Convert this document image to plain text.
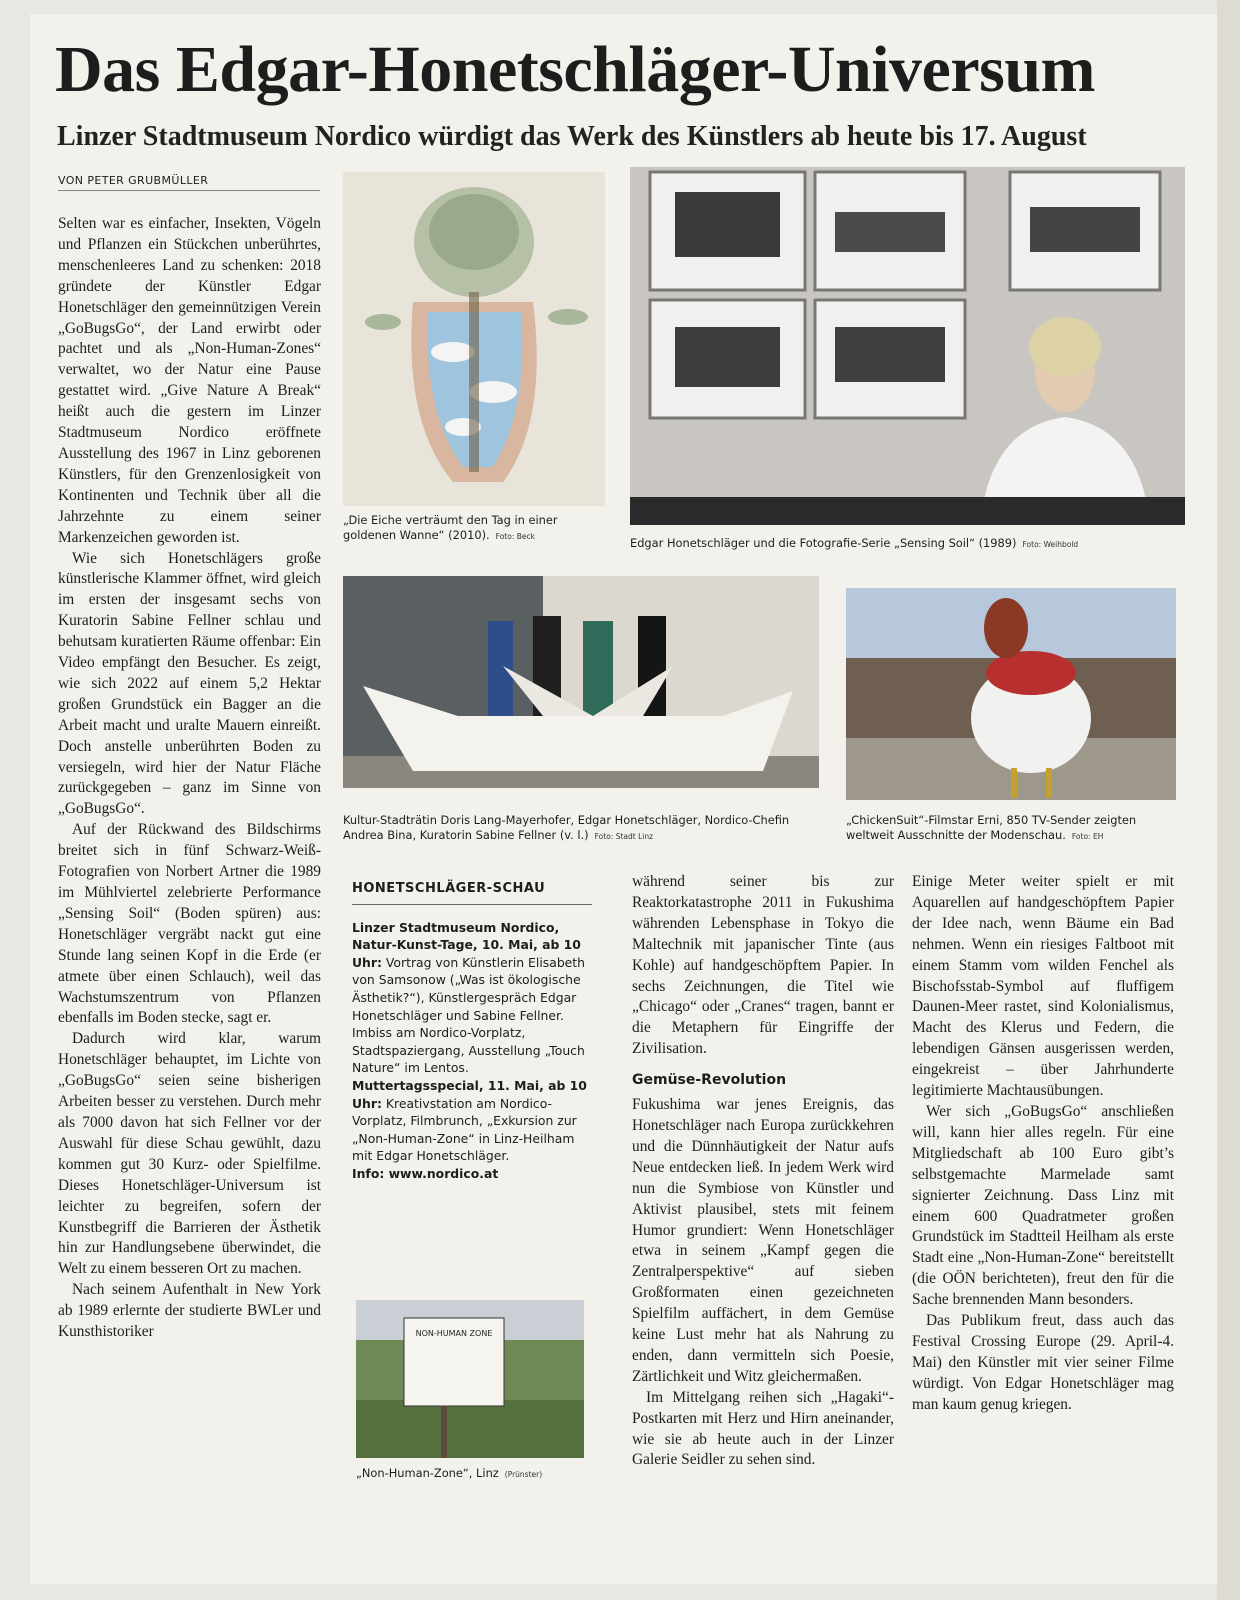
Das Edgar-Honetschläger-Universum
Linzer Stadtmuseum Nordico würdigt das Werk des Künstlers ab heute bis 17. August
VON PETER GRUBMÜLLER
„Die Eiche verträumt den Tag in einer goldenen Wanne“ (2010). Foto: Beck	Edgar Honetschläger und die Fotografie-Serie „Sensing Soil“ (1989) Foto: Weihbold
Kultur-Stadträtin Doris Lang-Mayerhofer, Edgar Honetschläger, Nordico-Chefin Andrea Bina, Kuratorin Sabine Fellner (v. l.) Foto: Stadt Linz
„ChickenSuit“-Filmstar Erni, 850 TV-Sender zeigten weltweit Ausschnitte der Modenschau. Foto: EH

Selten war es einfacher, Insekten, Vögeln und Pflanzen ein Stückchen unberührtes, menschenleeres Land zu schenken: 2018 gründete der Künstler Edgar Honetschläger den gemeinnützigen Verein „GoBugsGo“, der Land erwirbt oder pachtet und als „Non-Human-Zones“ verwaltet, wo der Natur eine Pause gestattet wird. „Give Nature A Break“ heißt auch die gestern im Linzer Stadtmuseum Nordico eröffnete Ausstellung des 1967 in Linz geborenen Künstlers, für den Grenzenlosigkeit von Kontinenten und Technik über all die Jahrzehnte zu einem seiner Markenzeichen geworden ist.

Wie sich Honetschlägers große künstlerische Klammer öffnet, wird gleich im ersten der insgesamt sechs von Kuratorin Sabine Fellner schlau und behutsam kuratierten Räume offenbar: Ein Video empfängt den Besucher. Es zeigt, wie sich 2022 auf einem 5,2 Hektar großen Grundstück ein Bagger an die Arbeit macht und uralte Mauern einreißt. Doch anstelle unberührten Boden zu versiegeln, wird hier der Natur Fläche zurückgegeben – ganz im Sinne von „GoBugsGo“.

Auf der Rückwand des Bildschirms breitet sich in fünf Schwarz-Weiß-Fotografien von Norbert Artner die 1989 im Mühlviertel zelebrierte Performance „Sensing Soil“ (Boden spüren) aus: Honetschläger vergräbt nackt gut eine Stunde lang seinen Kopf in die Erde (er atmete über einen Schlauch), weil das Wachstumszentrum von Pflanzen ebenfalls im Boden stecke, sagt er.

Dadurch wird klar, warum Honetschläger behauptet, im Lichte von „GoBugsGo“ seien seine bisherigen Arbeiten besser zu verstehen. Durch mehr als 7000 davon hat sich Fellner vor der Auswahl für diese Schau gewühlt, dazu kommen gut 30 Kurz- oder Spielfilme. Dieses Honetschläger-Universum ist leichter zu begreifen, sofern der Kunstbegriff die Barrieren der Ästhetik hin zur Handlungsebene überwindet, die Welt zu einem besseren Ort zu machen.

Nach seinem Aufenthalt in New York ab 1989 erlernte der studierte BWLer und Kunsthistoriker

HONETSCHLÄGER-SCHAU
Linzer Stadtmuseum Nordico, Natur-Kunst-Tage, 10. Mai, ab 10 Uhr: Vortrag von Künstlerin Elisabeth von Samsonow („Was ist ökologische Ästhetik?“), Künstlergespräch Edgar Honetschläger und Sabine Fellner. Imbiss am Nordico-Vorplatz, Stadtspaziergang, Ausstellung „Touch Nature“ im Lentos.
Muttertagsspecial, 11. Mai, ab 10 Uhr: Kreativstation am Nordico-Vorplatz, Filmbrunch, „Exkursion zur „Non-Human-Zone“ in Linz-Heilham mit Edgar Honetschläger.
Info: www.nordico.at
NON-HUMAN ZONE
„Non-Human-Zone“, Linz (Prünster)

während seiner bis zur Reaktorkatastrophe 2011 in Fukushima währenden Lebensphase in Tokyo die Maltechnik mit japanischer Tinte (aus Kohle) auf handgeschöpftem Papier. In sechs Zeichnungen, die Titel wie „Chicago“ oder „Cranes“ tragen, bannt er die Metaphern für Eingriffe der Zivilisation.

Gemüse-Revolution

Fukushima war jenes Ereignis, das Honetschläger nach Europa zurückkehren und die Dünnhäutigkeit der Natur aufs Neue entdecken ließ. In jedem Werk wird nun die Symbiose von Künstler und Aktivist plausibel, stets mit feinem Humor grundiert: Wenn Honetschläger etwa in seinem „Kampf gegen die Zentralperspektive“ auf sieben Großformaten einen gezeichneten Spielfilm auffächert, in dem Gemüse keine Lust mehr hat als Nahrung zu enden, dann vermitteln sich Poesie, Zärtlichkeit und Witz gleichermaßen.

Im Mittelgang reihen sich „Hagaki“-Postkarten mit Herz und Hirn aneinander, wie sie ab heute auch in der Linzer Galerie Seidler zu sehen sind.

Einige Meter weiter spielt er mit Aquarellen auf handgeschöpftem Papier der Idee nach, wenn Bäume ein Bad nehmen. Wenn ein riesiges Faltboot mit einem Stamm vom wilden Fenchel als Bischofsstab-Symbol auf fluffigem Daunen-Meer rastet, sind Kolonialismus, Macht des Klerus und Federn, die lebendigen Gänsen ausgerissen werden, eingekreist – über Jahrhunderte legitimierte Machtausübungen.

Wer sich „GoBugsGo“ anschließen will, kann hier alles regeln. Für eine Mitgliedschaft ab 100 Euro gibt’s selbstgemachte Marmelade samt signierter Zeichnung. Dass Linz mit einem 600 Quadratmeter großen Grundstück im Stadtteil Heilham als erste Stadt eine „Non-Human-Zone“ bereitstellt (die OÖN berichteten), freut den für die Sache brennenden Mann besonders.

Das Publikum freut, dass auch das Festival Crossing Europe (29. April-4. Mai) den Künstler mit vier seiner Filme würdigt. Von Edgar Honetschläger mag man kaum genug kriegen.
